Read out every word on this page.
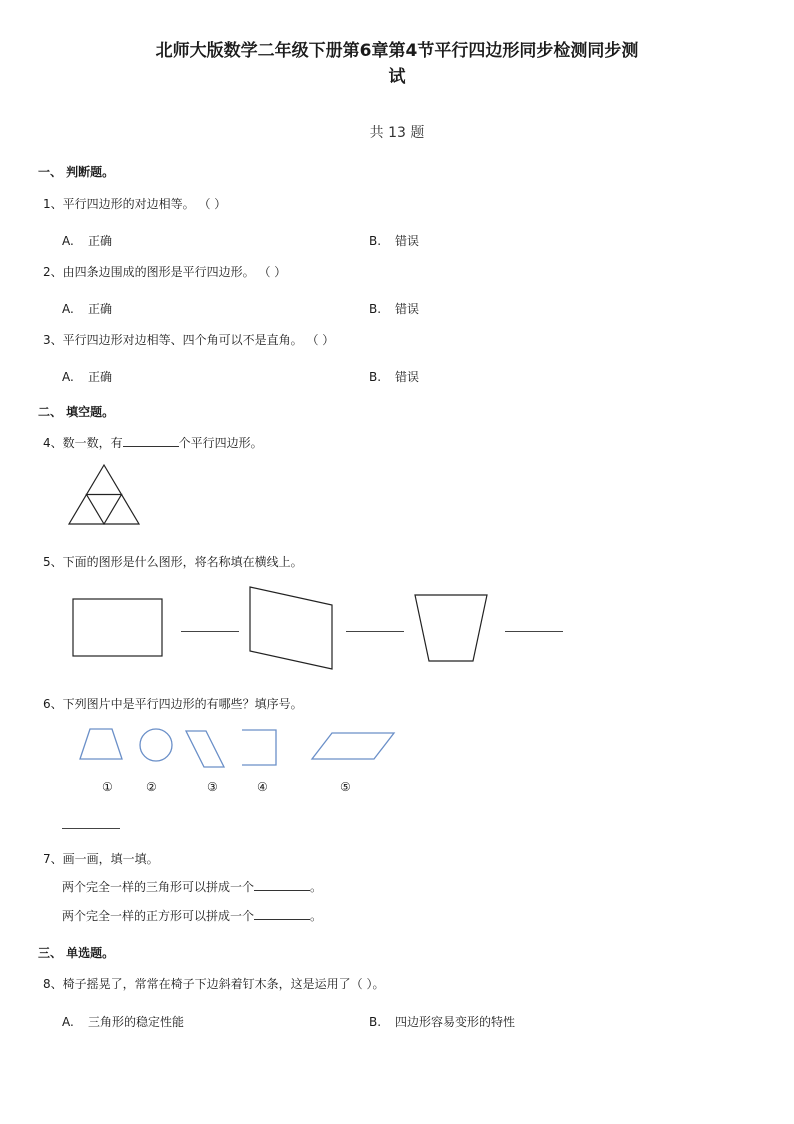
北师大版数学二年级下册第6章第4节平行四边形同步检测同步测
试
共 13 题
一、 判断题。
1、平行四边形的对边相等。 （ ）
A. 正确	B. 错误
2、由四条边围成的图形是平行四边形。 （ ）
A. 正确	B. 错误
3、平行四边形对边相等、四个角可以不是直角。 （ ）
A. 正确	B. 错误
二、 填空题。
4、数一数，有	个平行四边形。
5、下面的图形是什么图形，将名称填在横线上。
6、下列图片中是平行四边形的有哪些？填序号。
①	②	③	④	⑤
7、画一画，填一填。
两个完全一样的三角形可以拼成一个	。
两个完全一样的正方形可以拼成一个	。
三、 单选题。
8、椅子摇晃了，常常在椅子下边斜着钉木条，这是运用了（ ）。
A. 三角形的稳定性能	B. 四边形容易变形的特性
